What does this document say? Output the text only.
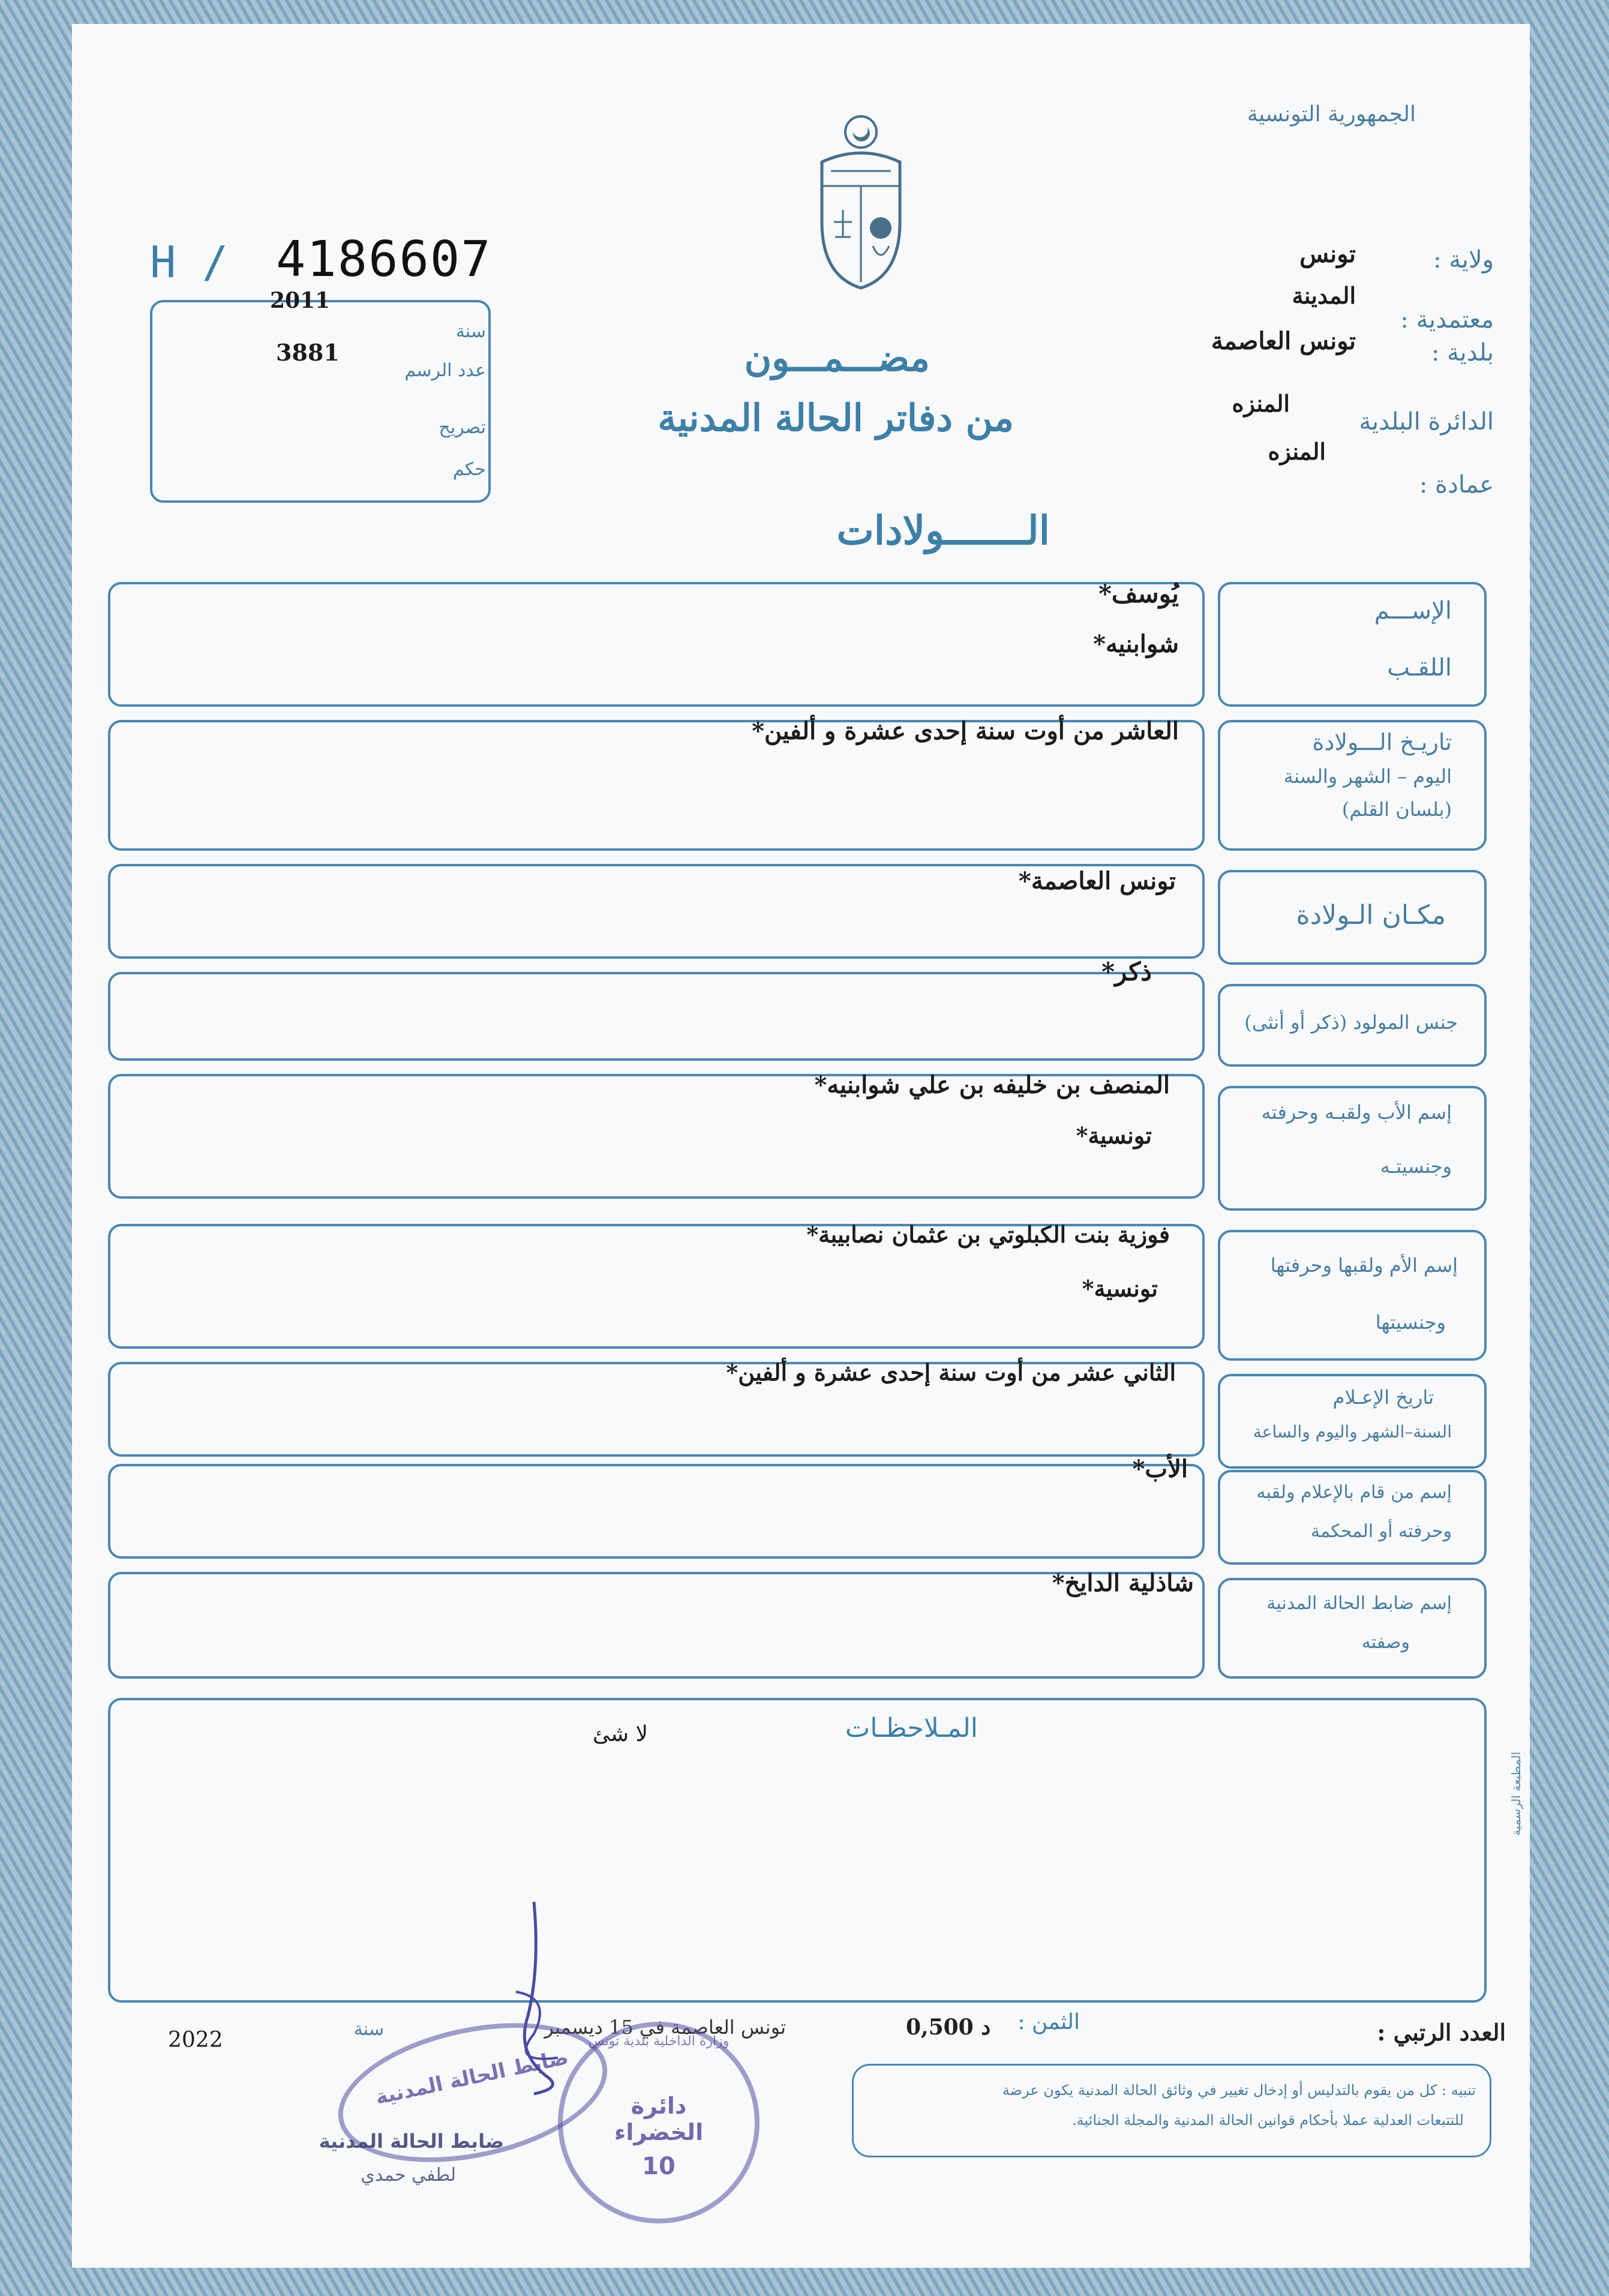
الجمهورية التونسية
H / 4186607	ولاية :
تونس
المدينة
معتمدية :
تونس العاصمة	بلدية :
المنزه
الدائرة البلدية
المنزه
عمادة :
2011
سنة
3881
عدد الرسم
تصريح
حكم
مضـــمـــون
من دفاتر الحالة المدنية
الـــــــولادات
الإســـم
اللقـب
يُوسف*
شوابنيه*
تاريـخ الـــولادة
اليوم – الشهر والسنة
(بلسان القلم)
العاشر من أوت سنة إحدى عشرة و ألفين*
مكـان الـولادة
تونس العاصمة*
جنس المولود (ذكر أو أنثى)
ذكر*
إسم الأب ولقبـه وحرفته
وجنسيتـه
المنصف بن خليفه بن علي شوابنيه*
تونسية*
إسم الأم ولقبها وحرفتها
وجنسيتها
فوزية بنت الكبلوتي بن عثمان نصابيبة*
تونسية*
تاريخ الإعـلام
السنة–الشهر واليوم والساعة
الثاني عشر من أوت سنة إحدى عشرة و ألفين*
إسم من قام بالإعلام ولقبه
وحرفته أو المحكمة
الأب*
إسم ضابط الحالة المدنية
وصفته
شاذلية الدايخ*
المـلاحظـات
لا شئ
المطبعة الرسمية
العدد الرتبي :
الثمن :
0,500 د
تونس العاصمة في 15 ديسمبر
سنة
2022
تنبيه : كل من يقوم بالتدليس أو إدخال تغيير في وثائق الحالة المدنية يكون عرضة
للتتبعات العدلية عملا بأحكام قوانين الحالة المدنية والمجلة الجنائية.
ضابط الحالة المدنية
وزارة الداخلية بلدية تونس
دائرة الخضراء
10
ضابط الحالة المدنية
لطفي حمدي
